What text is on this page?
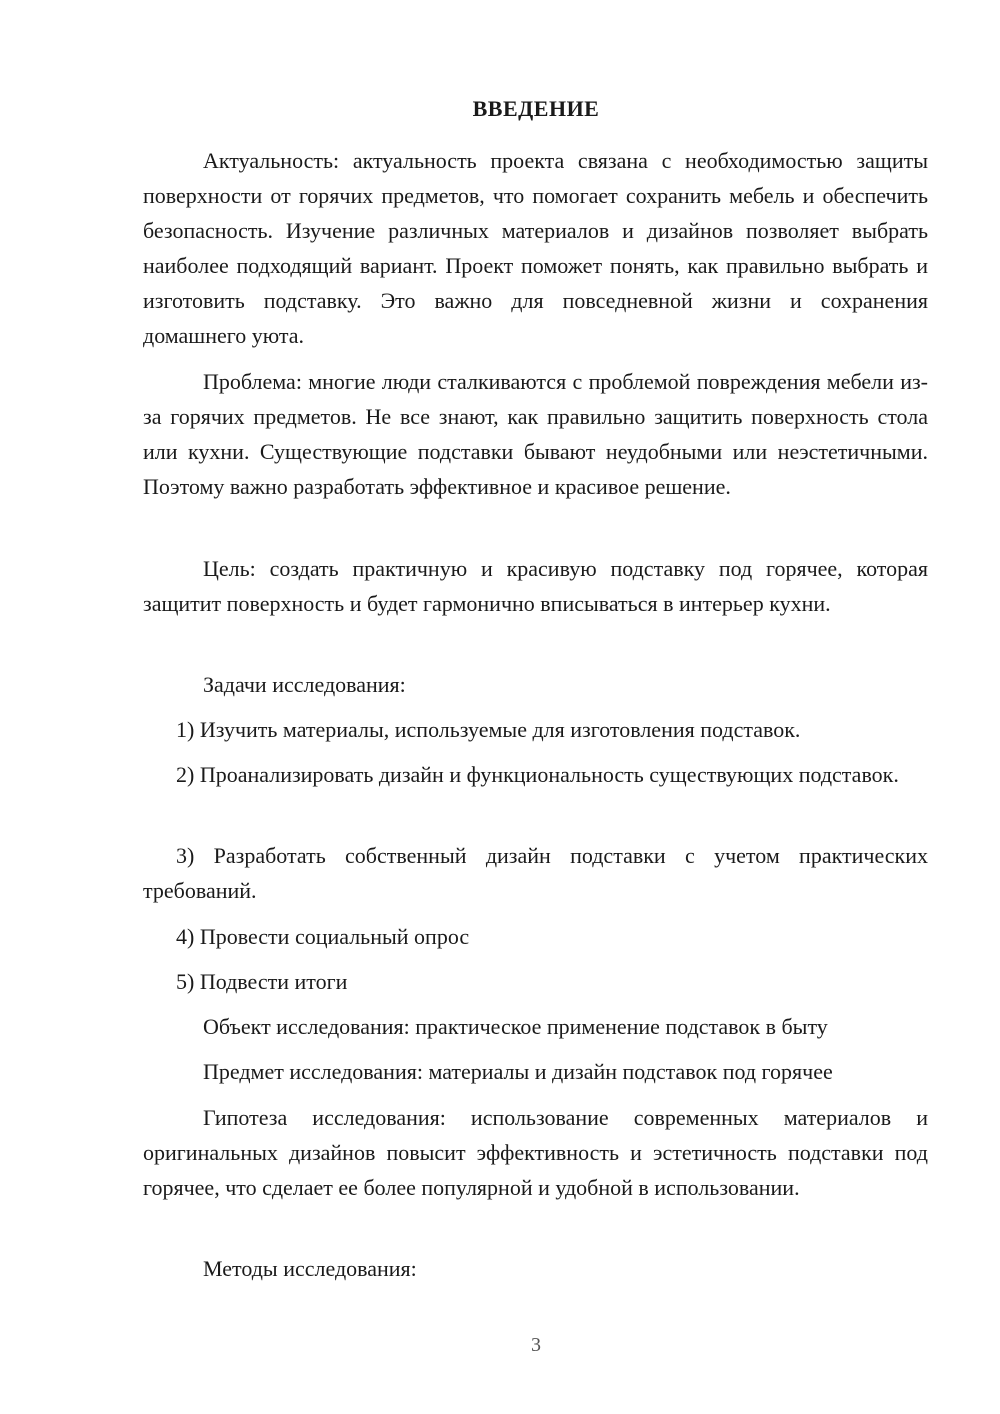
ВВЕДЕНИЕ

Актуальность: актуальность проекта связана с необходимостью защиты поверхности от горячих предметов, что помогает сохранить мебель и обеспечить безопасность. Изучение различных материалов и дизайнов позволяет выбрать наиболее подходящий вариант. Проект поможет понять, как правильно выбрать и изготовить подставку. Это важно для повседневной жизни и сохранения домашнего уюта.

Проблема: многие люди сталкиваются с проблемой повреждения мебели из-за горячих предметов. Не все знают, как правильно защитить поверхность стола или кухни. Существующие подставки бывают неудобными или неэстетичными. Поэтому важно разработать эффективное и красивое решение.

Цель: создать практичную и красивую подставку под горячее, которая защитит поверхность и будет гармонично вписываться в интерьер кухни.

Задачи исследования:

1) Изучить материалы, используемые для изготовления подставок.

2) Проанализировать дизайн и функциональность существующих подставок.

3) Разработать собственный дизайн подставки с учетом практических требований.

4) Провести социальный опрос

5) Подвести итоги

Объект исследования: практическое применение подставок в быту

Предмет исследования: материалы и дизайн подставок под горячее

Гипотеза исследования: использование современных материалов и оригинальных дизайнов повысит эффективность и эстетичность подставки под горячее, что сделает ее более популярной и удобной в использовании.

Методы исследования:

3
